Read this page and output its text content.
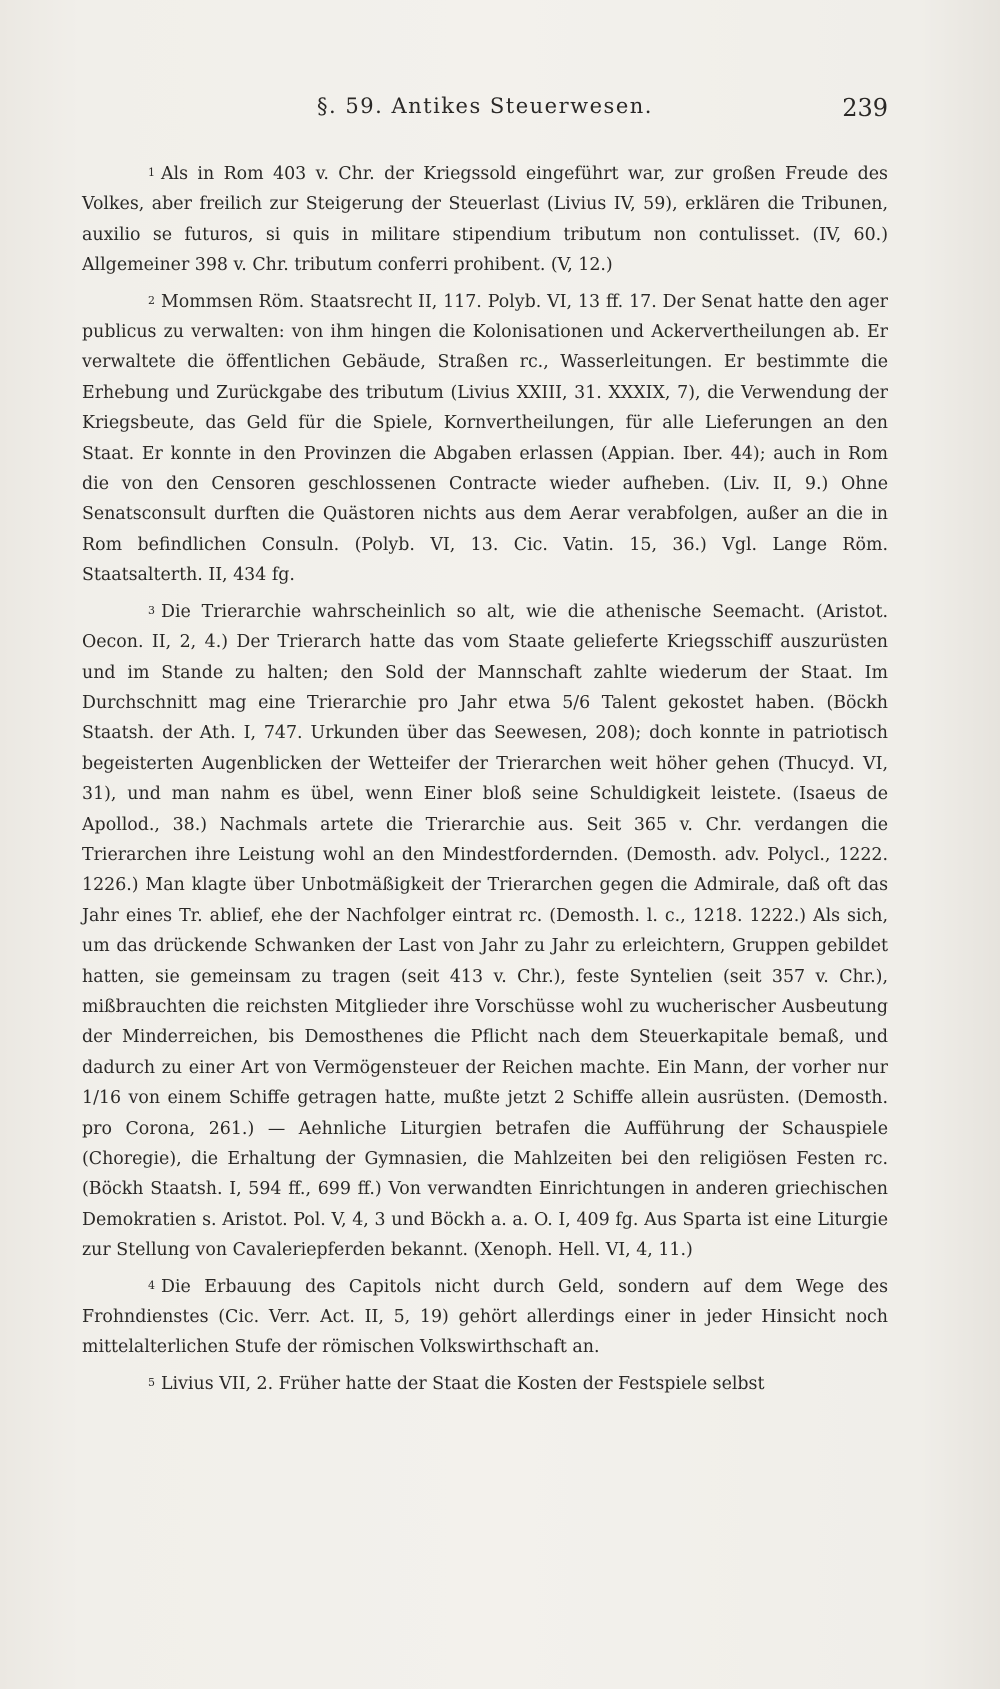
§. 59. Antikes Steuerwesen.	239

1 Als in Rom 403 v. Chr. der Kriegssold eingeführt war, zur großen Freude des Volkes, aber freilich zur Steigerung der Steuerlast (Livius IV, 59), erklären die Tribunen, auxilio se futuros, si quis in militare stipendium tributum non contulisset. (IV, 60.) Allgemeiner 398 v. Chr. tributum conferri prohibent. (V, 12.)

2 Mommsen Röm. Staatsrecht II, 117. Polyb. VI, 13 ff. 17. Der Senat hatte den ager publicus zu verwalten: von ihm hingen die Kolonisationen und Ackervertheilungen ab. Er verwaltete die öffentlichen Gebäude, Straßen rc., Wasserleitungen. Er bestimmte die Erhebung und Zurückgabe des tributum (Livius XXIII, 31. XXXIX, 7), die Verwendung der Kriegsbeute, das Geld für die Spiele, Kornvertheilungen, für alle Lieferungen an den Staat. Er konnte in den Provinzen die Abgaben erlassen (Appian. Iber. 44); auch in Rom die von den Censoren geschlossenen Contracte wieder aufheben. (Liv. II, 9.) Ohne Senatsconsult durften die Quästoren nichts aus dem Aerar verabfolgen, außer an die in Rom befindlichen Consuln. (Polyb. VI, 13. Cic. Vatin. 15, 36.) Vgl. Lange Röm. Staatsalterth. II, 434 fg.

3 Die Trierarchie wahrscheinlich so alt, wie die athenische Seemacht. (Aristot. Oecon. II, 2, 4.) Der Trierarch hatte das vom Staate gelieferte Kriegsschiff auszurüsten und im Stande zu halten; den Sold der Mannschaft zahlte wiederum der Staat. Im Durchschnitt mag eine Trierarchie pro Jahr etwa 5/6 Talent gekostet haben. (Böckh Staatsh. der Ath. I, 747. Urkunden über das Seewesen, 208); doch konnte in patriotisch begeisterten Augenblicken der Wetteifer der Trierarchen weit höher gehen (Thucyd. VI, 31), und man nahm es übel, wenn Einer bloß seine Schuldigkeit leistete. (Isaeus de Apollod., 38.) Nachmals artete die Trierarchie aus. Seit 365 v. Chr. verdangen die Trierarchen ihre Leistung wohl an den Mindestfordernden. (Demosth. adv. Polycl., 1222. 1226.) Man klagte über Unbotmäßigkeit der Trierarchen gegen die Admirale, daß oft das Jahr eines Tr. ablief, ehe der Nachfolger eintrat rc. (Demosth. l. c., 1218. 1222.) Als sich, um das drückende Schwanken der Last von Jahr zu Jahr zu erleichtern, Gruppen gebildet hatten, sie gemeinsam zu tragen (seit 413 v. Chr.), feste Syntelien (seit 357 v. Chr.), mißbrauchten die reichsten Mitglieder ihre Vorschüsse wohl zu wucherischer Ausbeutung der Minderreichen, bis Demosthenes die Pflicht nach dem Steuerkapitale bemaß, und dadurch zu einer Art von Vermögensteuer der Reichen machte. Ein Mann, der vorher nur 1/16 von einem Schiffe getragen hatte, mußte jetzt 2 Schiffe allein ausrüsten. (Demosth. pro Corona, 261.) — Aehnliche Liturgien betrafen die Aufführung der Schauspiele (Choregie), die Erhaltung der Gymnasien, die Mahlzeiten bei den religiösen Festen rc. (Böckh Staatsh. I, 594 ff., 699 ff.) Von verwandten Einrichtungen in anderen griechischen Demokratien s. Aristot. Pol. V, 4, 3 und Böckh a. a. O. I, 409 fg. Aus Sparta ist eine Liturgie zur Stellung von Cavaleriepferden bekannt. (Xenoph. Hell. VI, 4, 11.)

4 Die Erbauung des Capitols nicht durch Geld, sondern auf dem Wege des Frohndienstes (Cic. Verr. Act. II, 5, 19) gehört allerdings einer in jeder Hinsicht noch mittelalterlichen Stufe der römischen Volkswirthschaft an.

5 Livius VII, 2. Früher hatte der Staat die Kosten der Festspiele selbst
